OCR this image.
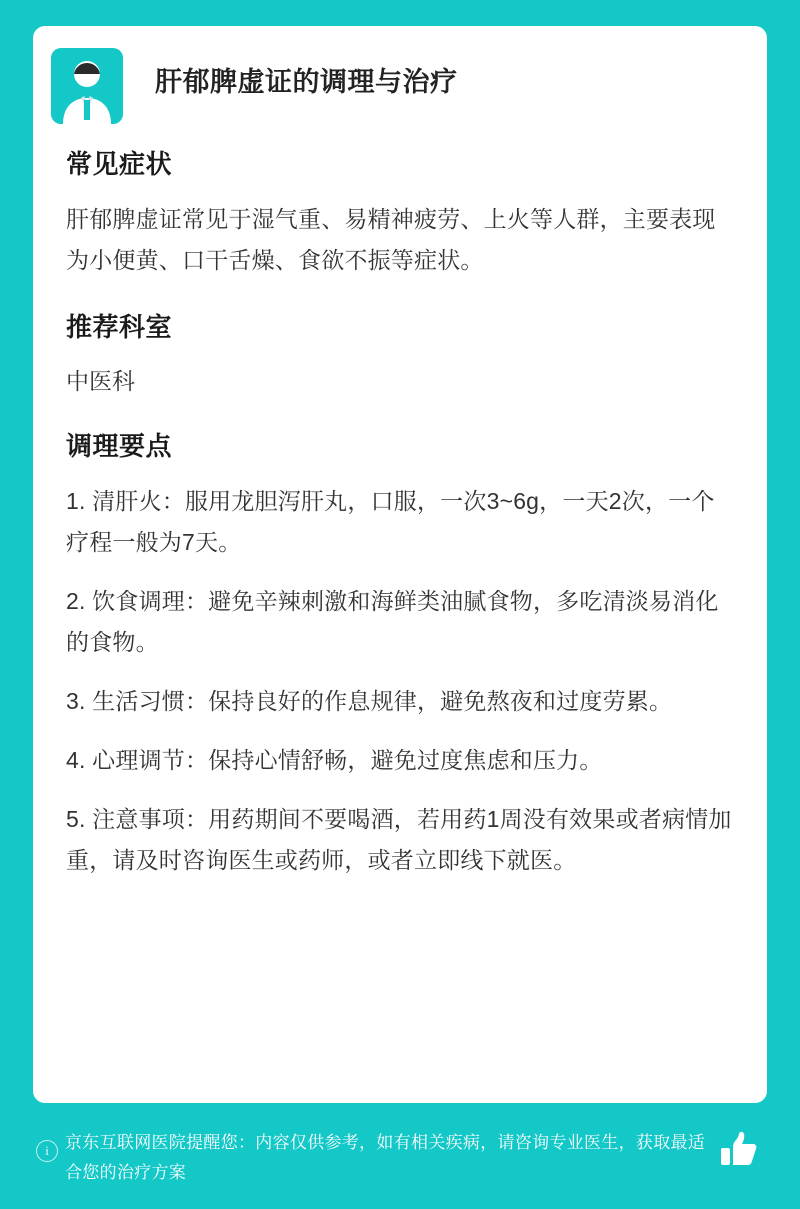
肝郁脾虚证的调理与治疗
常见症状

肝郁脾虚证常见于湿气重、易精神疲劳、上火等人群，主要表现为小便黄、口干舌燥、食欲不振等症状。

推荐科室

中医科

调理要点

1. 清肝火：服用龙胆泻肝丸，口服，一次3~6g，一天2次，一个疗程一般为7天。

2. 饮食调理：避免辛辣刺激和海鲜类油腻食物，多吃清淡易消化的食物。

3. 生活习惯：保持良好的作息规律，避免熬夜和过度劳累。

4. 心理调节：保持心情舒畅，避免过度焦虑和压力。

5. 注意事项：用药期间不要喝酒，若用药1周没有效果或者病情加重，请及时咨询医生或药师，或者立即线下就医。

i 京东互联网医院提醒您：内容仅供参考，如有相关疾病，请咨询专业医生，获取最适合您的治疗方案
